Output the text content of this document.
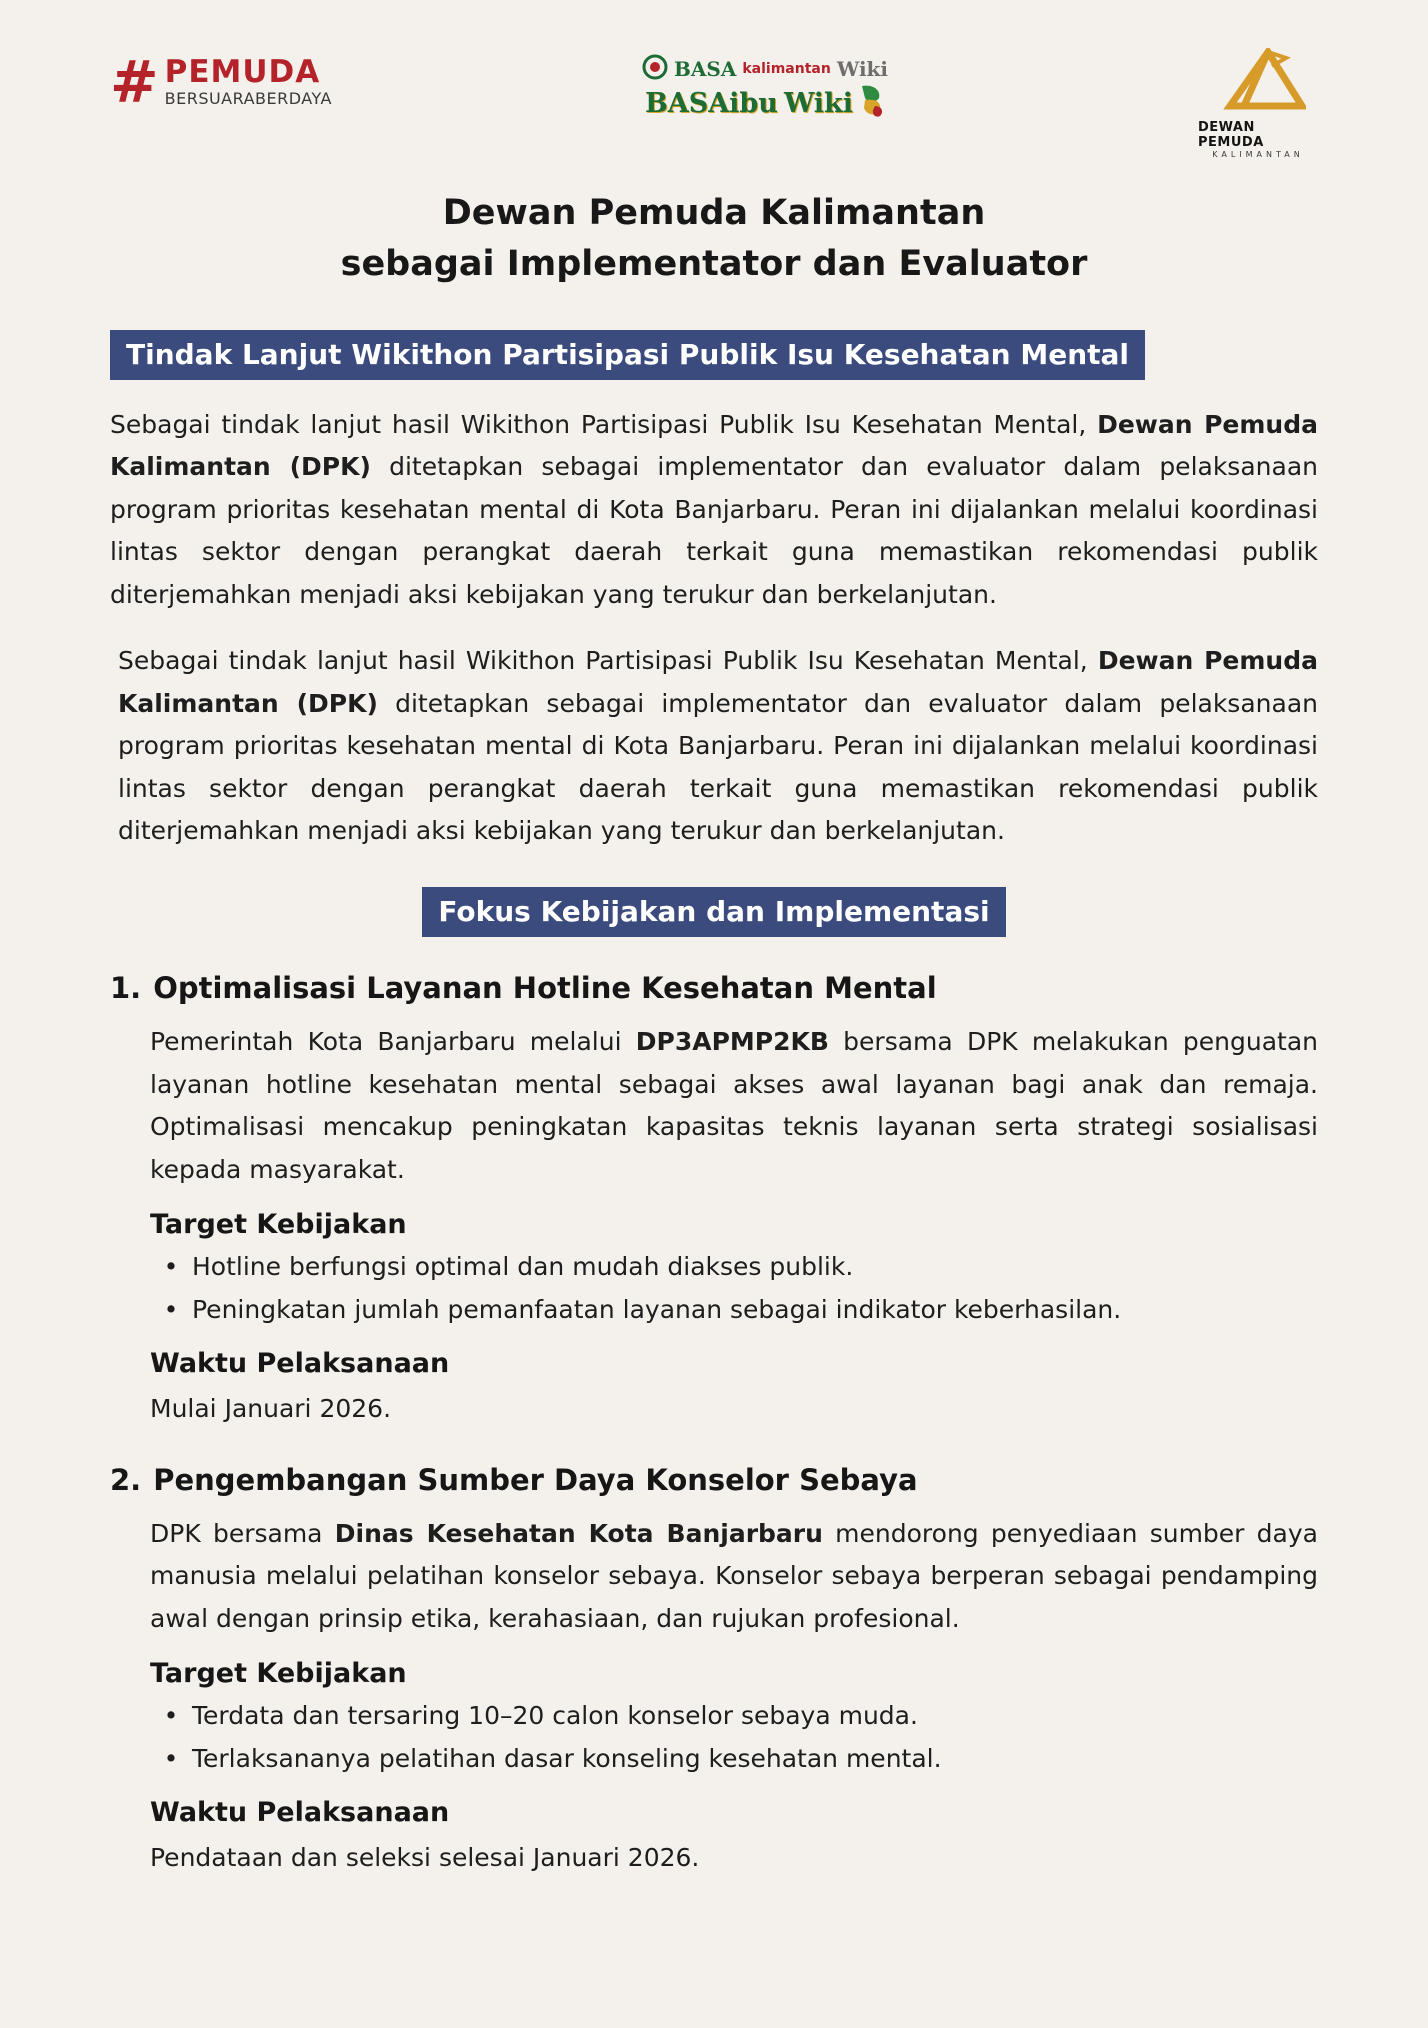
# PEMUDA
BERSUARABERDAYA
BASA kalimantan Wiki
BASAibu Wiki
DEWAN PEMUDA
KALIMANTAN
Dewan Pemuda Kalimantan
sebagai Implementator dan Evaluator
Tindak Lanjut Wikithon Partisipasi Publik Isu Kesehatan Mental

Sebagai tindak lanjut hasil Wikithon Partisipasi Publik Isu Kesehatan Mental, Dewan Pemuda Kalimantan (DPK) ditetapkan sebagai implementator dan evaluator dalam pelaksanaan program prioritas kesehatan mental di Kota Banjarbaru. Peran ini dijalankan melalui koordinasi lintas sektor dengan perangkat daerah terkait guna memastikan rekomendasi publik diterjemahkan menjadi aksi kebijakan yang terukur dan berkelanjutan.

Sebagai tindak lanjut hasil Wikithon Partisipasi Publik Isu Kesehatan Mental, Dewan Pemuda Kalimantan (DPK) ditetapkan sebagai implementator dan evaluator dalam pelaksanaan program prioritas kesehatan mental di Kota Banjarbaru. Peran ini dijalankan melalui koordinasi lintas sektor dengan perangkat daerah terkait guna memastikan rekomendasi publik diterjemahkan menjadi aksi kebijakan yang terukur dan berkelanjutan.

Fokus Kebijakan dan Implementasi
1. Optimalisasi Layanan Hotline Kesehatan Mental

Pemerintah Kota Banjarbaru melalui DP3APMP2KB bersama DPK melakukan penguatan layanan hotline kesehatan mental sebagai akses awal layanan bagi anak dan remaja. Optimalisasi mencakup peningkatan kapasitas teknis layanan serta strategi sosialisasi kepada masyarakat.

Target Kebijakan
• Hotline berfungsi optimal dan mudah diakses publik.
• Peningkatan jumlah pemanfaatan layanan sebagai indikator keberhasilan.
Waktu Pelaksanaan
Mulai Januari 2026.
2. Pengembangan Sumber Daya Konselor Sebaya

DPK bersama Dinas Kesehatan Kota Banjarbaru mendorong penyediaan sumber daya manusia melalui pelatihan konselor sebaya. Konselor sebaya berperan sebagai pendamping awal dengan prinsip etika, kerahasiaan, dan rujukan profesional.

Target Kebijakan
• Terdata dan tersaring 10–20 calon konselor sebaya muda.
• Terlaksananya pelatihan dasar konseling kesehatan mental.
Waktu Pelaksanaan
Pendataan dan seleksi selesai Januari 2026.
